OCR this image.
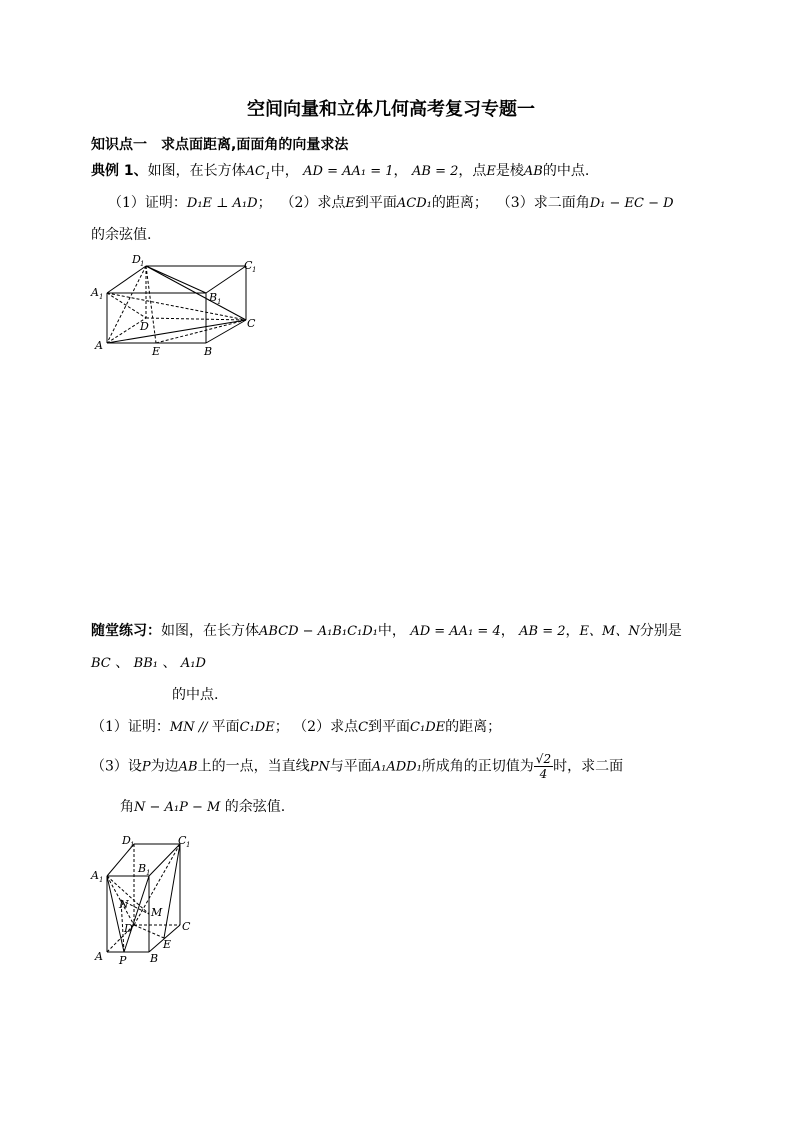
空间向量和立体几何高考复习专题一
知识点一　求点面距离,面面角的向量求法
典例 1、如图，在长方体$AC_1$中， AD = AA₁ = 1， AB = 2，点E是棱AB的中点.
（1）证明：D₁E ⊥ A₁D； （2）求点E到平面ACD₁的距离； （3）求二面角D₁ − EC − D
的余弦值.
D 1	C 1
A 1	B 1
D	C
A	E	B
随堂练习：如图，在长方体ABCD − A₁B₁C₁D₁中， AD = AA₁ = 4， AB = 2，E、M、N分别是
BC 、 BB₁ 、 A₁D
的中点.
（1）证明：MN // 平面C₁DE； （2）求点C到平面C₁DE的距离；
（3）设P为边AB上的一点，当直线PN与平面A₁ADD₁所成角的正切值为 $\frac{√2}{4}$ 时，求二面
角N − A₁P − M 的余弦值.
D 1	C 1
B 1
A 1
N
M
D	C
E
A P B
